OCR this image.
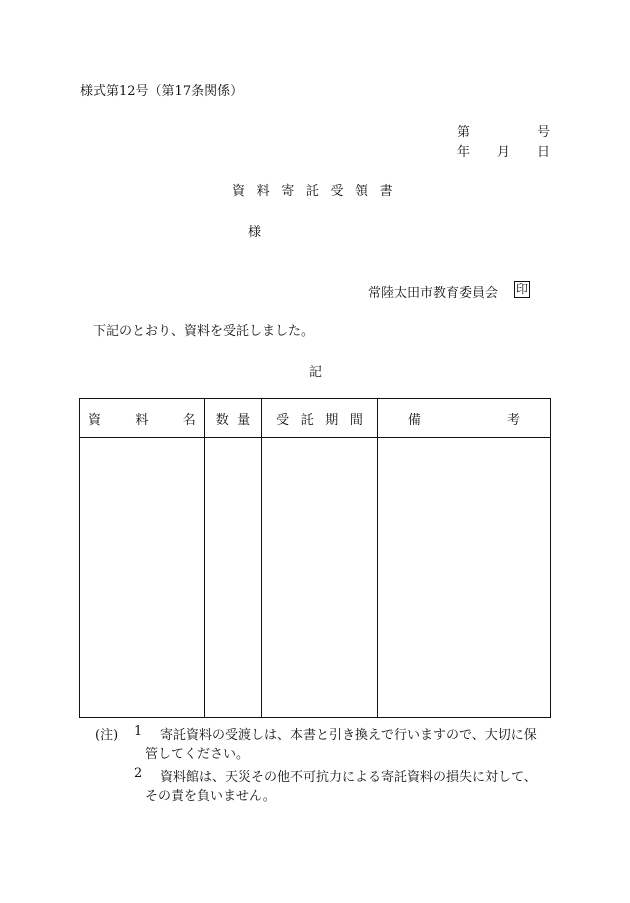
様式第12号（第17条関係）
第	号
年 月 日
資 料 寄 託 受 領 書
様
常陸太田市教育委員会 印
下記のとおり、資料を受託しました。
記
資 料 名	数 量	受 託 期 間	備 考

(注) 1 寄託資料の受渡しは、本書と引き換えで行いますので、大切に保
管してください。
2 資料館は、天災その他不可抗力による寄託資料の損失に対して、
その責を負いません。
